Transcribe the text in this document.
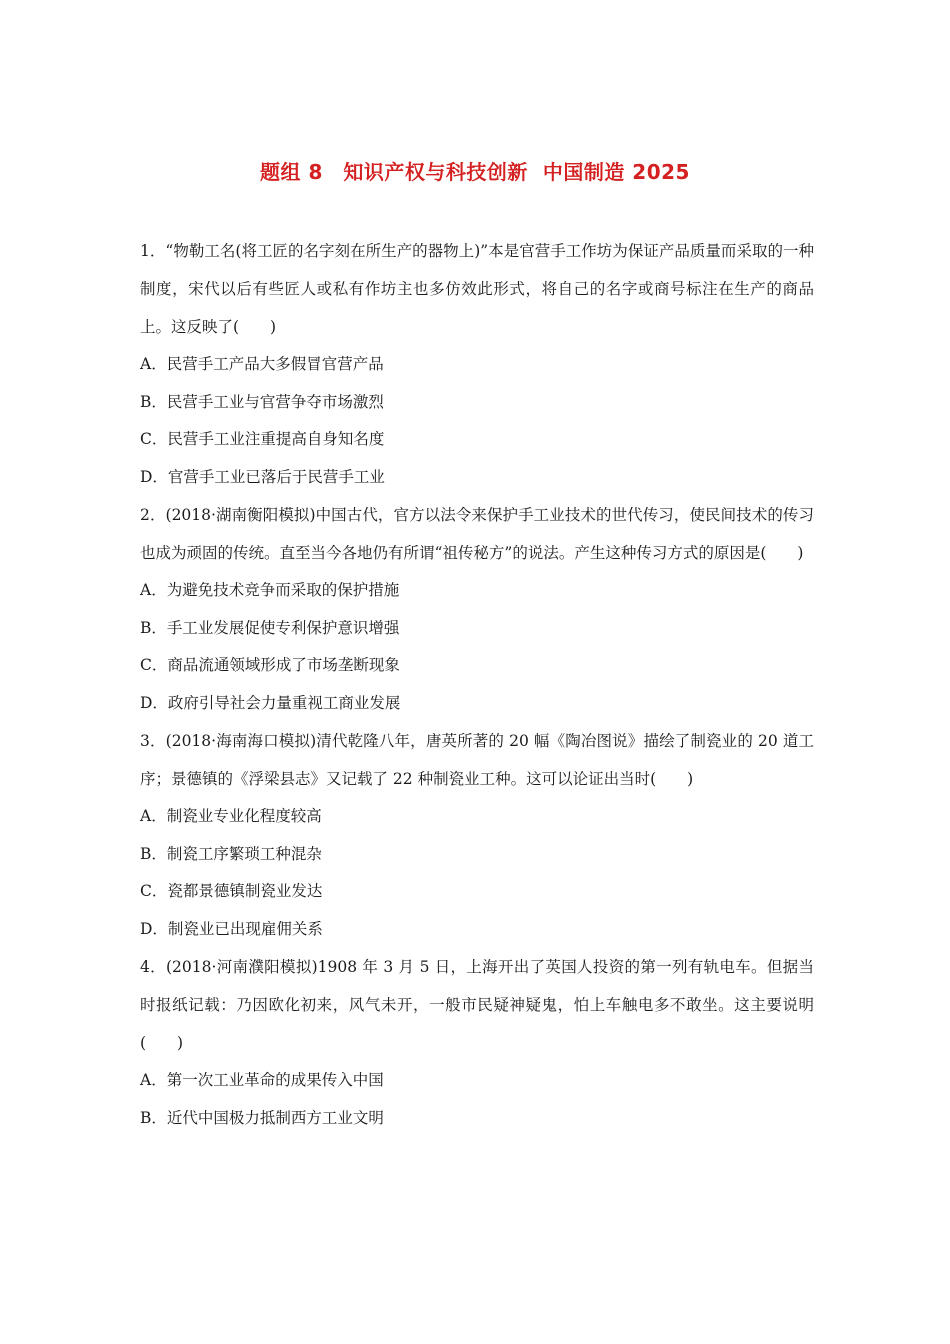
题组 8　知识产权与科技创新  中国制造 2025

1．“物勒工名(将工匠的名字刻在所生产的器物上)”本是官营手工作坊为保证产品质量而采取的一种制度，宋代以后有些匠人或私有作坊主也多仿效此形式，将自己的名字或商号标注在生产的商品上。这反映了(　　)

A．民营手工产品大多假冒官营产品

B．民营手工业与官营争夺市场激烈

C．民营手工业注重提高自身知名度

D．官营手工业已落后于民营手工业

2．(2018·湖南衡阳模拟)中国古代，官方以法令来保护手工业技术的世代传习，使民间技术的传习也成为顽固的传统。直至当今各地仍有所谓“祖传秘方”的说法。产生这种传习方式的原因是(　　)

A．为避免技术竞争而采取的保护措施

B．手工业发展促使专利保护意识增强

C．商品流通领域形成了市场垄断现象

D．政府引导社会力量重视工商业发展

3．(2018·海南海口模拟)清代乾隆八年，唐英所著的 20 幅《陶冶图说》描绘了制瓷业的 20 道工序；景德镇的《浮梁县志》又记载了 22 种制瓷业工种。这可以论证出当时(　　)

A．制瓷业专业化程度较高

B．制瓷工序繁琐工种混杂

C．瓷都景德镇制瓷业发达

D．制瓷业已出现雇佣关系

4．(2018·河南濮阳模拟)1908 年 3 月 5 日，上海开出了英国人投资的第一列有轨电车。但据当时报纸记载：乃因欧化初来，风气未开，一般市民疑神疑鬼，怕上车触电多不敢坐。这主要说明(　　)

A．第一次工业革命的成果传入中国

B．近代中国极力抵制西方工业文明
